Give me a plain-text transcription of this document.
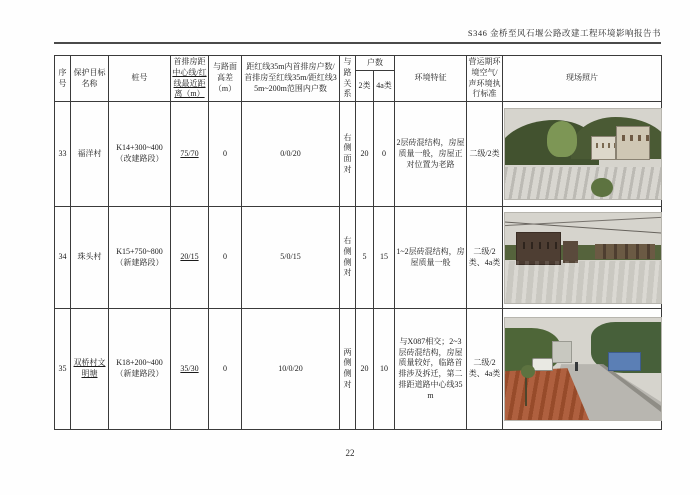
S346 金桥至风石堰公路改建工程环境影响报告书
序号	保护目标名称	桩号	首排房距中心线/红线最近距离（m）	与路面高差（m）	距红线35m内首排房户数/首排房至红线35m/距红线35m~200m范围内户数	与路关系	户数		环境特征	营运期环境空气/声环境执行标准	现场照片
							2类	4a类			
33	福洋村	K14+300~400（改建路段）	75/70	0	0/0/20	右侧面对	20	0	2层砖混结构，房屋质量一般，房屋正对位置为老路	二级/2类	

34	珠头村	K15+750~800（新建路段）	20/15	0	5/0/15	右侧侧对	5	15	1~2层砖混结构，房屋质量一般	二级/2类、4a类	

35	双桥村文明塘	K18+200~400（新建路段）	35/30	0	10/0/20	两侧侧对	20	10	与X087相交；2~3层砖混结构，房屋质量较好，临路首排涉及拆迁，第二排距道路中心线35m	二级/2类、4a类	
22
